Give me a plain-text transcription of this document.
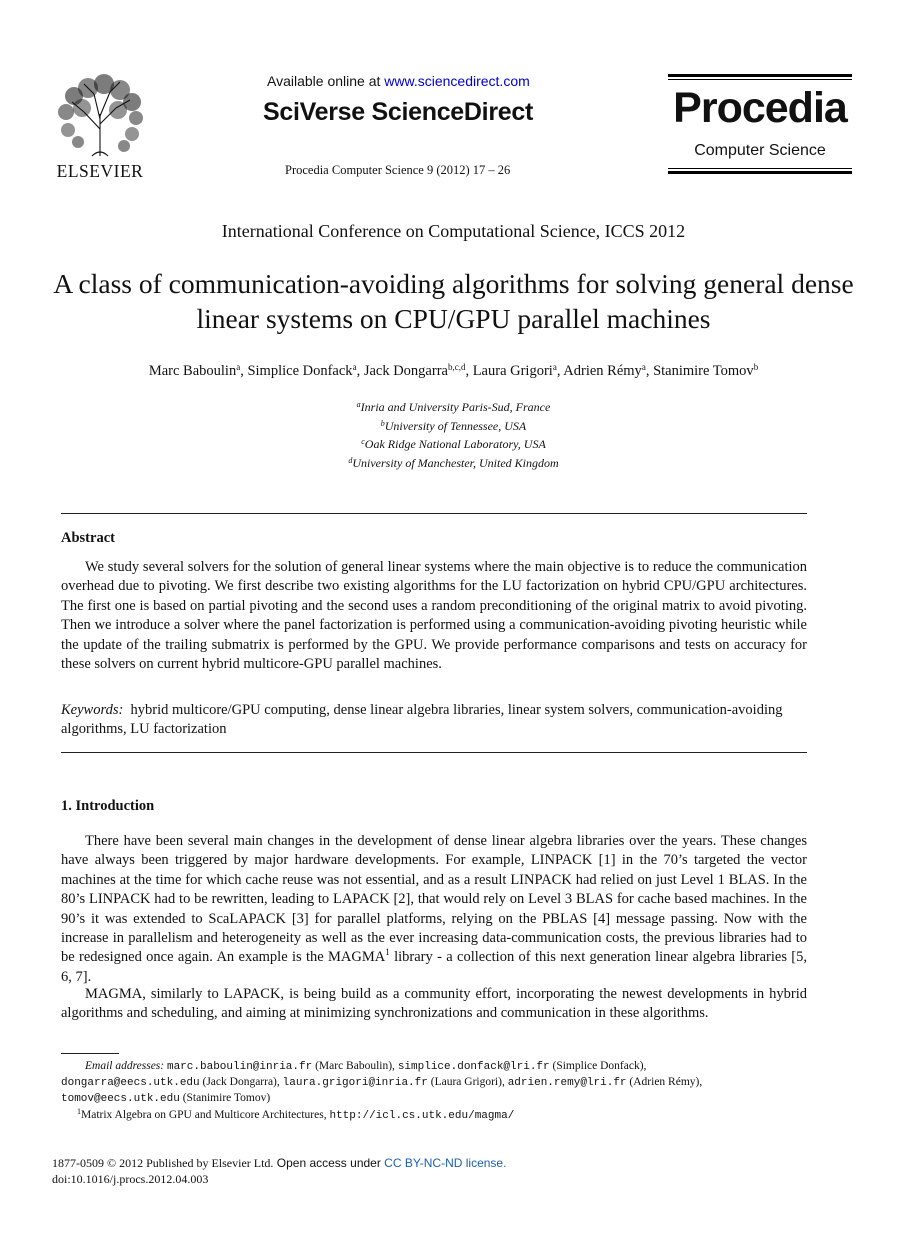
ELSEVIER
Available online at www.sciencedirect.com
SciVerse ScienceDirect
Procedia Computer Science 9 (2012) 17 – 26
Procedia
Computer Science
International Conference on Computational Science, ICCS 2012
A class of communication-avoiding algorithms for solving general dense linear systems on CPU/GPU parallel machines
Marc Baboulin$^a$, Simplice Donfack$^a$, Jack Dongarra$^{b,c,d}$, Laura Grigori$^a$, Adrien Rémy$^a$, Stanimire Tomov$^b$
$^a$Inria and University Paris-Sud, France
$^b$University of Tennessee, USA
$^c$Oak Ridge National Laboratory, USA
$^d$University of Manchester, United Kingdom
Abstract
We study several solvers for the solution of general linear systems where the main objective is to reduce the communication overhead due to pivoting. We first describe two existing algorithms for the LU factorization on hybrid CPU/GPU architectures. The first one is based on partial pivoting and the second uses a random preconditioning of the original matrix to avoid pivoting. Then we introduce a solver where the panel factorization is performed using a communication-avoiding pivoting heuristic while the update of the trailing submatrix is performed by the GPU. We provide performance comparisons and tests on accuracy for these solvers on current hybrid multicore-GPU parallel machines.
Keywords: hybrid multicore/GPU computing, dense linear algebra libraries, linear system solvers, communication-avoiding algorithms, LU factorization
1. Introduction
There have been several main changes in the development of dense linear algebra libraries over the years. These changes have always been triggered by major hardware developments. For example, LINPACK [1] in the 70’s targeted the vector machines at the time for which cache reuse was not essential, and as a result LINPACK had relied on just Level 1 BLAS. In the 80’s LINPACK had to be rewritten, leading to LAPACK [2], that would rely on Level 3 BLAS for cache based machines. In the 90’s it was extended to ScaLAPACK [3] for parallel platforms, relying on the PBLAS [4] message passing. Now with the increase in parallelism and heterogeneity as well as the ever increasing data-communication costs, the previous libraries had to be redesigned once again. An example is the MAGMA$^1$ library - a collection of this next generation linear algebra libraries [5, 6, 7].
MAGMA, similarly to LAPACK, is being build as a community effort, incorporating the newest developments in hybrid algorithms and scheduling, and aiming at minimizing synchronizations and communication in these algorithms.
Email addresses: marc.baboulin@inria.fr (Marc Baboulin), simplice.donfack@lri.fr (Simplice Donfack),
dongarra@eecs.utk.edu (Jack Dongarra), laura.grigori@inria.fr (Laura Grigori), adrien.remy@lri.fr (Adrien Rémy),
tomov@eecs.utk.edu (Stanimire Tomov)
$^1$Matrix Algebra on GPU and Multicore Architectures, http://icl.cs.utk.edu/magma/
1877-0509 © 2012 Published by Elsevier Ltd. Open access under CC BY-NC-ND license.
doi:10.1016/j.procs.2012.04.003
